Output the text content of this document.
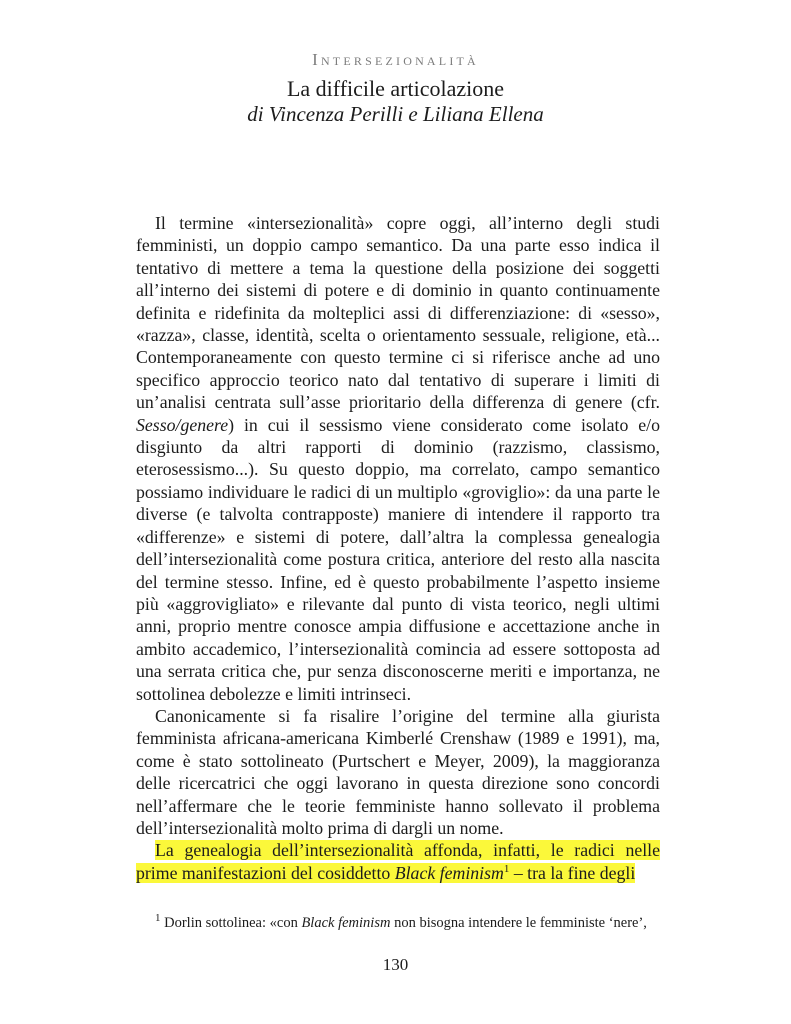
Intersezionalità
La difficile articolazione
di Vincenza Perilli e Liliana Ellena

Il termine «intersezionalità» copre oggi, all’interno degli studi femministi, un doppio campo semantico. Da una parte esso indica il tentativo di mettere a tema la questione della posizione dei soggetti all’interno dei sistemi di potere e di dominio in quanto continuamente definita e ridefinita da molteplici assi di differenziazione: di «sesso», «razza», classe, identità, scelta o orientamento sessuale, religione, età... Contemporaneamente con questo termine ci si riferisce anche ad uno specifico approccio teorico nato dal tentativo di superare i limiti di un’analisi centrata sull’asse prioritario della differenza di genere (cfr. Sesso/genere) in cui il sessismo viene considerato come isolato e/o disgiunto da altri rapporti di dominio (razzismo, classismo, eterosessismo...). Su questo doppio, ma correlato, campo semantico possiamo individuare le radici di un multiplo «groviglio»: da una parte le diverse (e talvolta contrapposte) maniere di intendere il rapporto tra «differenze» e sistemi di potere, dall’altra la complessa genealogia dell’intersezionalità come postura critica, anteriore del resto alla nascita del termine stesso. Infine, ed è questo probabilmente l’aspetto insieme più «aggrovigliato» e rilevante dal punto di vista teorico, negli ultimi anni, proprio mentre conosce ampia diffusione e accettazione anche in ambito accademico, l’intersezionalità comincia ad essere sottoposta ad una serrata critica che, pur senza disconoscerne meriti e importanza, ne sottolinea debolezze e limiti intrinseci.

Canonicamente si fa risalire l’origine del termine alla giurista femminista africana-americana Kimberlé Crenshaw (1989 e 1991), ma, come è stato sottolineato (Purtschert e Meyer, 2009), la maggioranza delle ricercatrici che oggi lavorano in questa direzione sono concordi nell’affermare che le teorie femministe hanno sollevato il problema dell’intersezionalità molto prima di dargli un nome.

La genealogia dell’intersezionalità affonda, infatti, le radici nelle prime manifestazioni del cosiddetto Black feminism$^1$ – tra la fine degli

$^1$ Dorlin sottolinea: «con Black feminism non bisogna intendere le femministe ‘nere’,
130
